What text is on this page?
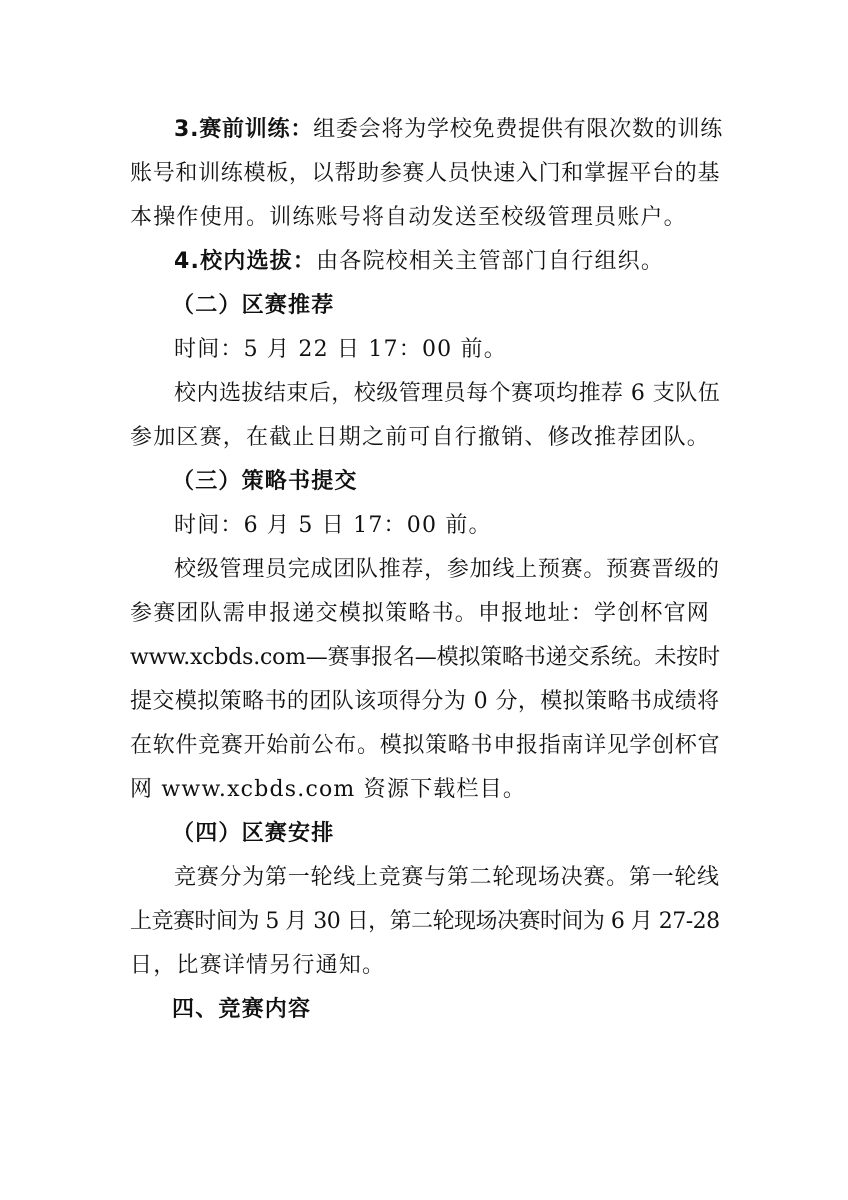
3.赛前训练：组委会将为学校免费提供有限次数的训练
账号和训练模板，以帮助参赛人员快速入门和掌握平台的基
本操作使用。训练账号将自动发送至校级管理员账户。
4.校内选拔：由各院校相关主管部门自行组织。
（二）区赛推荐
时间：5 月 22 日 17：00 前。
校内选拔结束后，校级管理员每个赛项均推荐 6 支队伍
参加区赛，在截止日期之前可自行撤销、修改推荐团队。
（三）策略书提交
时间：6 月 5 日 17：00 前。
校级管理员完成团队推荐，参加线上预赛。预赛晋级的
参赛团队需申报递交模拟策略书。申报地址：学创杯官网
www.xcbds.com—赛事报名—模拟策略书递交系统。未按时
提交模拟策略书的团队该项得分为 0 分，模拟策略书成绩将
在软件竞赛开始前公布。模拟策略书申报指南详见学创杯官
网 www.xcbds.com 资源下载栏目。
（四）区赛安排
竞赛分为第一轮线上竞赛与第二轮现场决赛。第一轮线
上竞赛时间为 5 月 30 日，第二轮现场决赛时间为 6 月 27-28
日，比赛详情另行通知。
四、竞赛内容
